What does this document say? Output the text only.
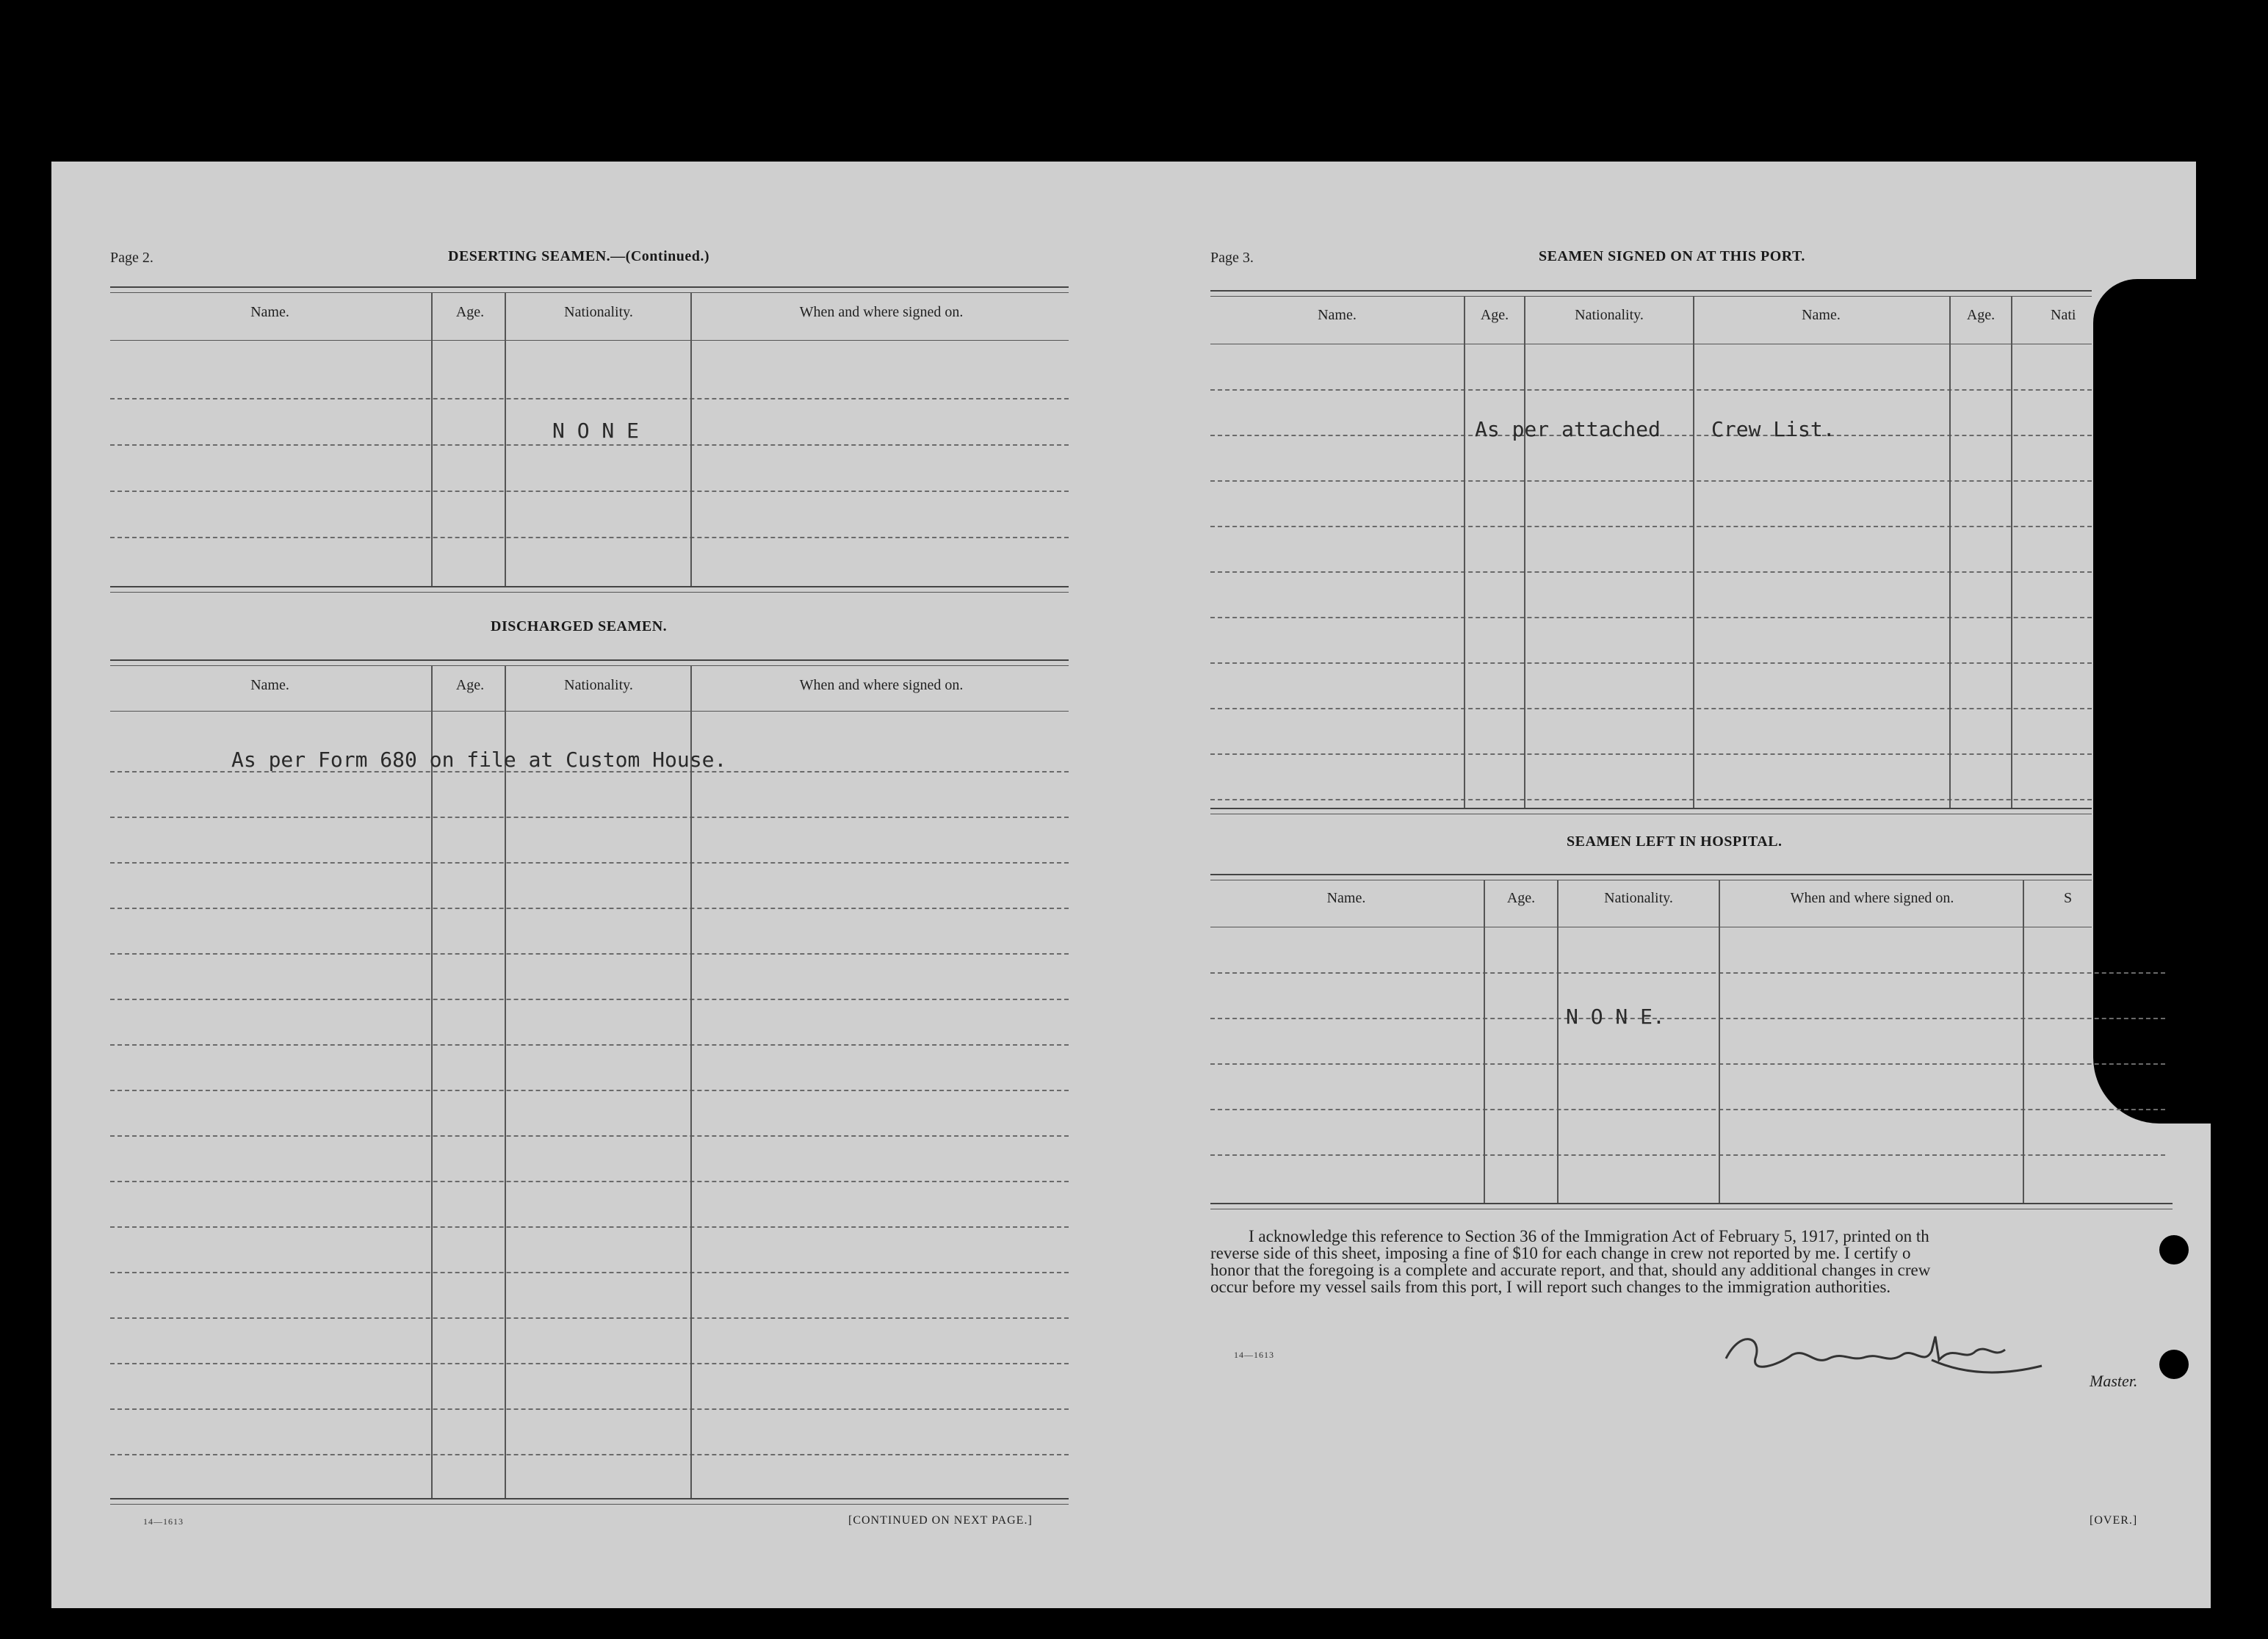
Page 2.	DESERTING SEAMEN.—(Continued.)
Name.	Age.	Nationality.	When and where signed on.
N O N E
DISCHARGED SEAMEN.
Name.	Age.	Nationality.	When and where signed on.
As per Form 680 on file at Custom House.
14—1613	[CONTINUED ON NEXT PAGE.]
Page 3.	SEAMEN SIGNED ON AT THIS PORT.
Name.	Age.	Nationality.	Name.	Age.	Nati
As per attached Crew List.
SEAMEN LEFT IN HOSPITAL.
Name.	Age.	Nationality.	When and where signed on.	S
N O N E.
I acknowledge this reference to Section 36 of the Immigration Act of February 5, 1917, printed on th
reverse side of this sheet, imposing a fine of $10 for each change in crew not reported by me. I certify o
honor that the foregoing is a complete and accurate report, and that, should any additional changes in crew
occur before my vessel sails from this port, I will report such changes to the immigration authorities.
14—1613
Master.
[OVER.]
